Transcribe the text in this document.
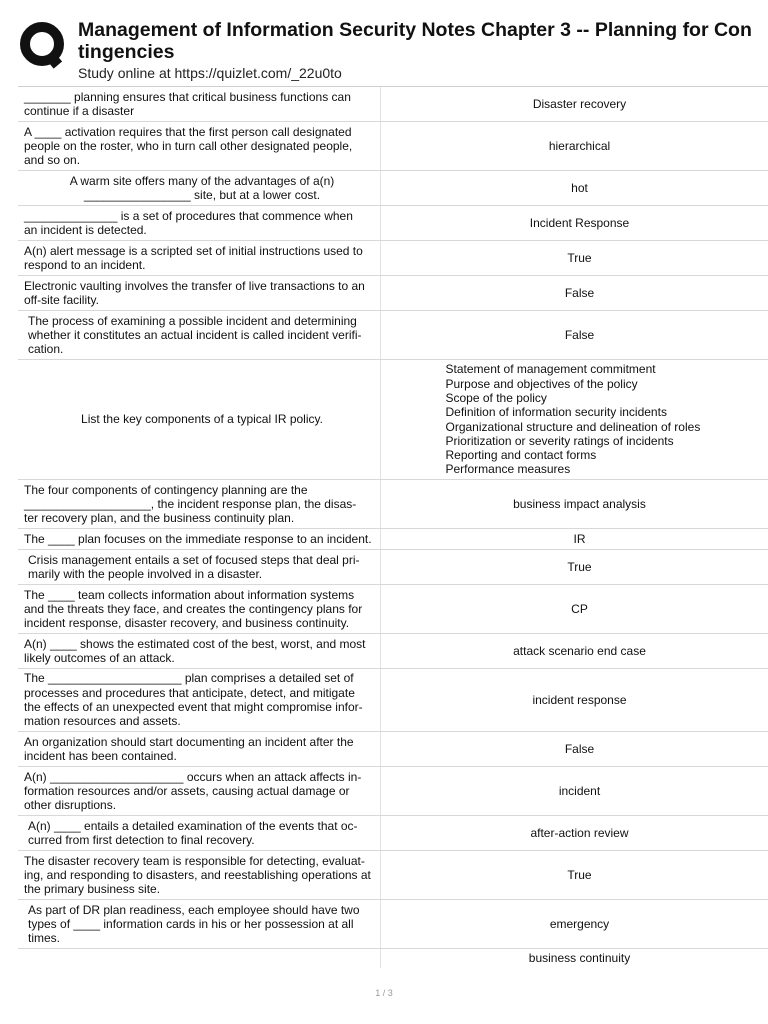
Management of Information Security Notes Chapter 3 -- Planning for Con
tingencies
Study online at https://quizlet.com/_22u0to
_______ planning ensures that critical business functions can
continue if a disaster
Disaster recovery
A ____ activation requires that the first person call designated
people on the roster, who in turn call other designated people,
and so on.
hierarchical
A warm site offers many of the advantages of a(n)
________________ site, but at a lower cost.
hot
______________ is a set of procedures that commence when
an incident is detected.
Incident Response
A(n) alert message is a scripted set of initial instructions used to
respond to an incident.
True
Electronic vaulting involves the transfer of live transactions to an
off-site facility.
False
The process of examining a possible incident and determining
whether it constitutes an actual incident is called incident verifi-
cation.
False
List the key components of a typical IR policy.
Statement of management commitment
Purpose and objectives of the policy
Scope of the policy
Definition of information security incidents
Organizational structure and delineation of roles
Prioritization or severity ratings of incidents
Reporting and contact forms
Performance measures
The four components of contingency planning are the
___________________, the incident response plan, the disas-
ter recovery plan, and the business continuity plan.
business impact analysis
The ____ plan focuses on the immediate response to an incident.	IR
Crisis management entails a set of focused steps that deal pri-
marily with the people involved in a disaster.
True
The ____ team collects information about information systems
and the threats they face, and creates the contingency plans for
incident response, disaster recovery, and business continuity.
CP
A(n) ____ shows the estimated cost of the best, worst, and most
likely outcomes of an attack.
attack scenario end case
The ____________________ plan comprises a detailed set of
processes and procedures that anticipate, detect, and mitigate
the effects of an unexpected event that might compromise infor-
mation resources and assets.
incident response
An organization should start documenting an incident after the
incident has been contained.
False
A(n) ____________________ occurs when an attack affects in-
formation resources and/or assets, causing actual damage or
other disruptions.
incident
A(n) ____ entails a detailed examination of the events that oc-
curred from first detection to final recovery.
after-action review
The disaster recovery team is responsible for detecting, evaluat-
ing, and responding to disasters, and reestablishing operations at
the primary business site.
True
As part of DR plan readiness, each employee should have two
types of ____ information cards in his or her possession at all
times.
emergency
business continuity
1 / 3
